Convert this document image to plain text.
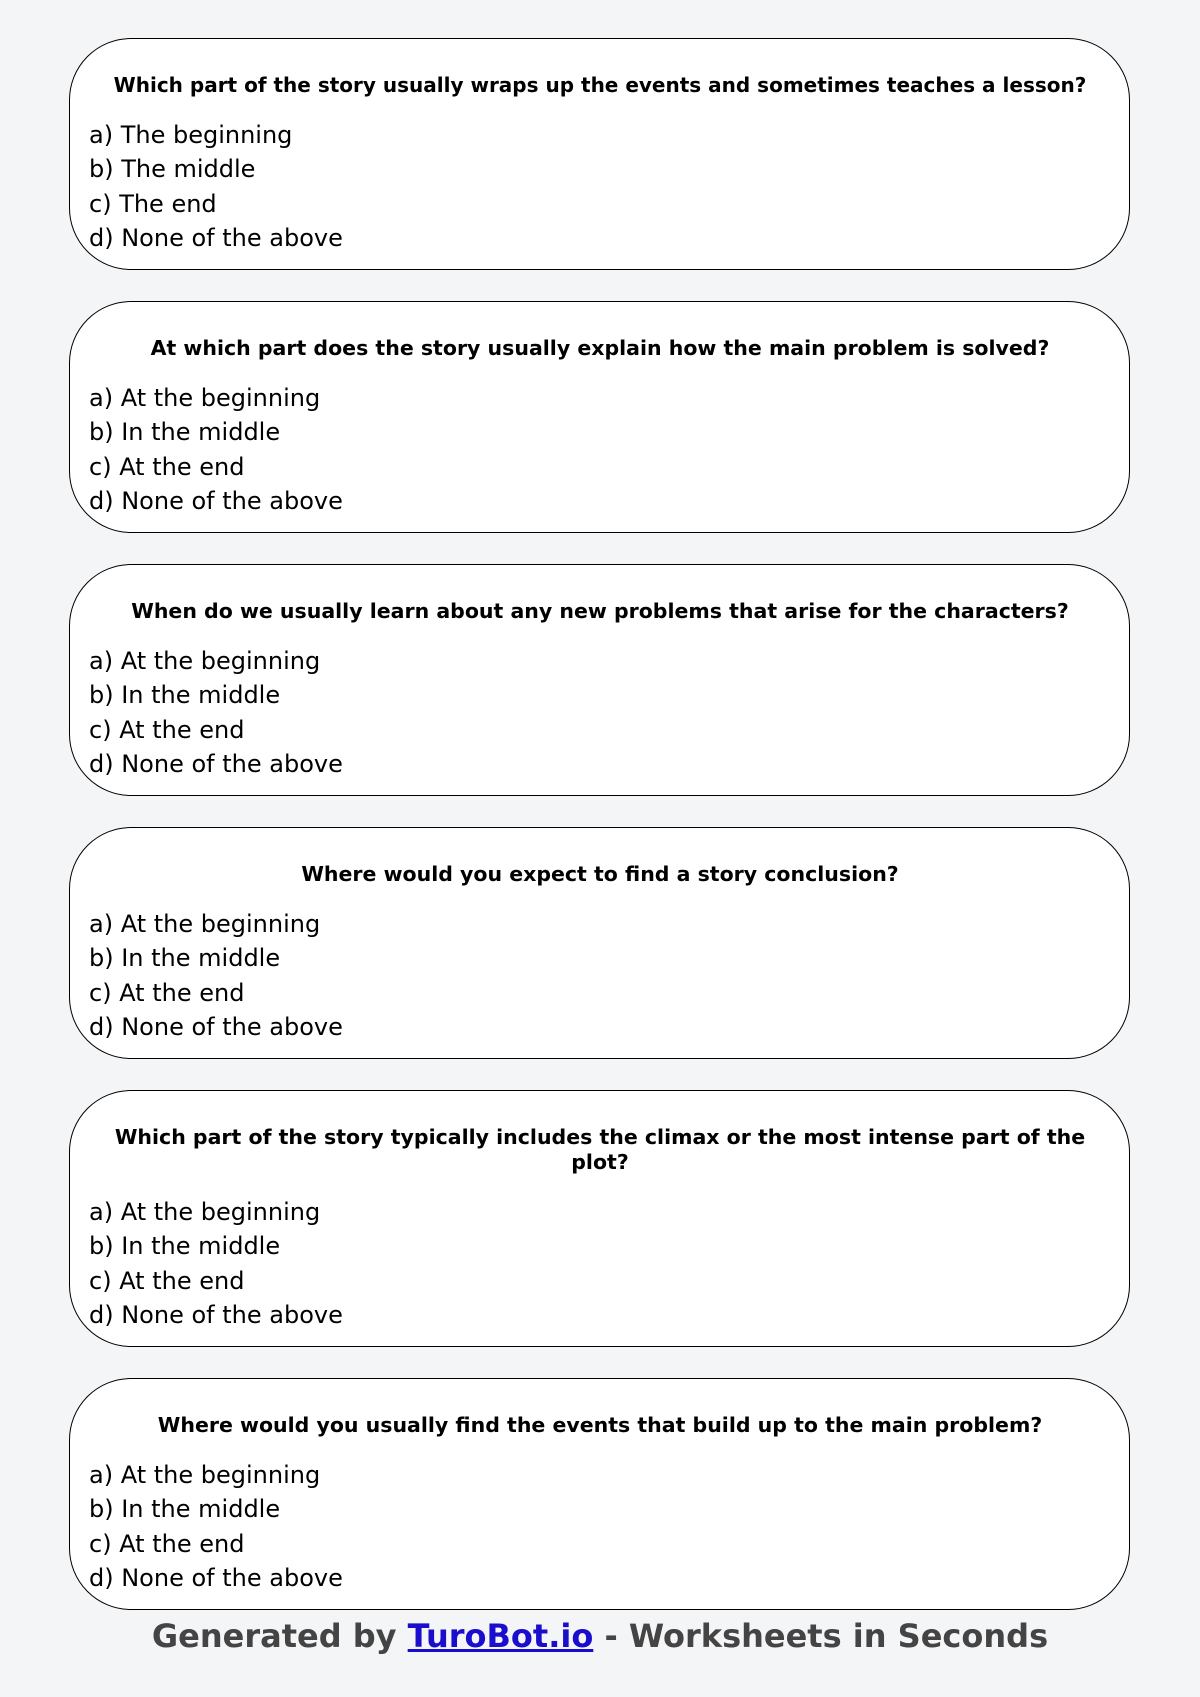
Which part of the story usually wraps up the events and sometimes teaches a lesson?

a) The beginning
b) The middle
c) The end
d) None of the above

At which part does the story usually explain how the main problem is solved?

a) At the beginning
b) In the middle
c) At the end
d) None of the above

When do we usually learn about any new problems that arise for the characters?

a) At the beginning
b) In the middle
c) At the end
d) None of the above

Where would you expect to find a story conclusion?

a) At the beginning
b) In the middle
c) At the end
d) None of the above

Which part of the story typically includes the climax or the most intense part of the plot?

a) At the beginning
b) In the middle
c) At the end
d) None of the above

Where would you usually find the events that build up to the main problem?

a) At the beginning
b) In the middle
c) At the end
d) None of the above
Generated by TuroBot.io - Worksheets in Seconds
